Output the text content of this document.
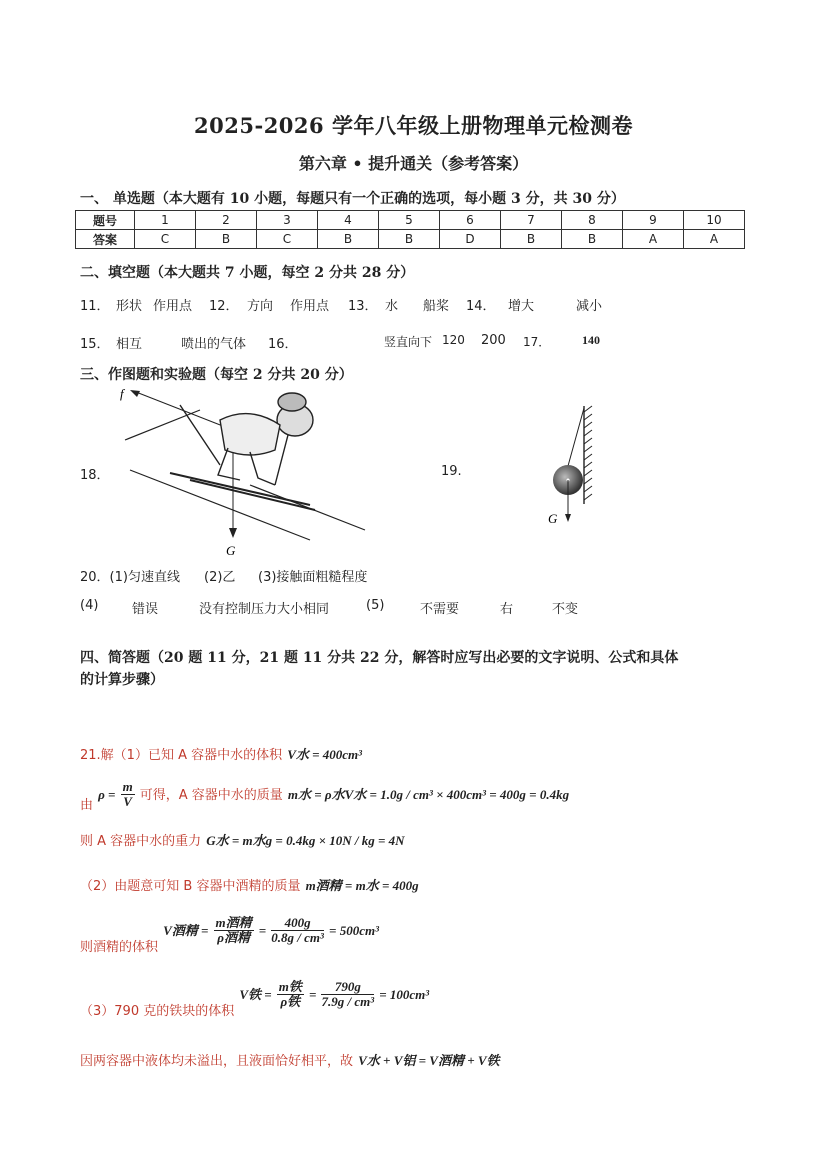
2025-2026 学年八年级上册物理单元检测卷
第六章 • 提升通关（参考答案）
一、 单选题（本大题有 10 小题，每题只有一个正确的选项，每小题 3 分，共 30 分）
题号	1	2	3	4	5	6	7	8	9	10
答案	C	B	C	B	B	D	B	B	A	A
二、填空题（本大题共 7 小题，每空 2 分共 28 分）
11． 形状 作用点 12． 方向 作用点 13． 水 船桨 14． 增大	减小
15． 相互	喷出的气体 16．	竖直向下 120 200 17．	140
三、作图题和实验题（每空 2 分共 20 分）
18．
f
G
19.
G
20．(1)匀速直线 (2)乙 (3)接触面粗糙程度
(4)	错误	没有控制压力大小相同	(5)	不需要	右	不变
四、简答题（20 题 11 分，21 题 11 分共 22 分，解答时应写出必要的文字说明、公式和具体
的计算步骤）
21.解（1）已知 A 容器中水的体积 V水 = 400cm³
$_由$ $\rho = \frac{m}{V}$ 可得，A 容器中水的质量 m水 = ρ水V水 = 1.0g / cm³ × 400cm³ = 400g = 0.4kg
则 A 容器中水的重力 G水 = m水g = 0.4kg × 10N / kg = 4N
（2）由题意可知 B 容器中酒精的质量 m酒精 = m水 = 400g
$_{则酒精的体积}$ V酒精 = $\frac{\text{m酒精}}{\text{ρ酒精}} = \frac{400g}{\text{0.8g / cm³}} = 500cm^3$
$_{(3)790 克的铁块的体积}$ V铁 = $\frac{\text{m铁}}{\text{ρ铁}} = \frac{790g}{\text{7.9g / cm³}} = 100cm^3$
因两容器中液体均未溢出，且液面恰好相平，故 V水 + V铝 = V酒精 + V铁
